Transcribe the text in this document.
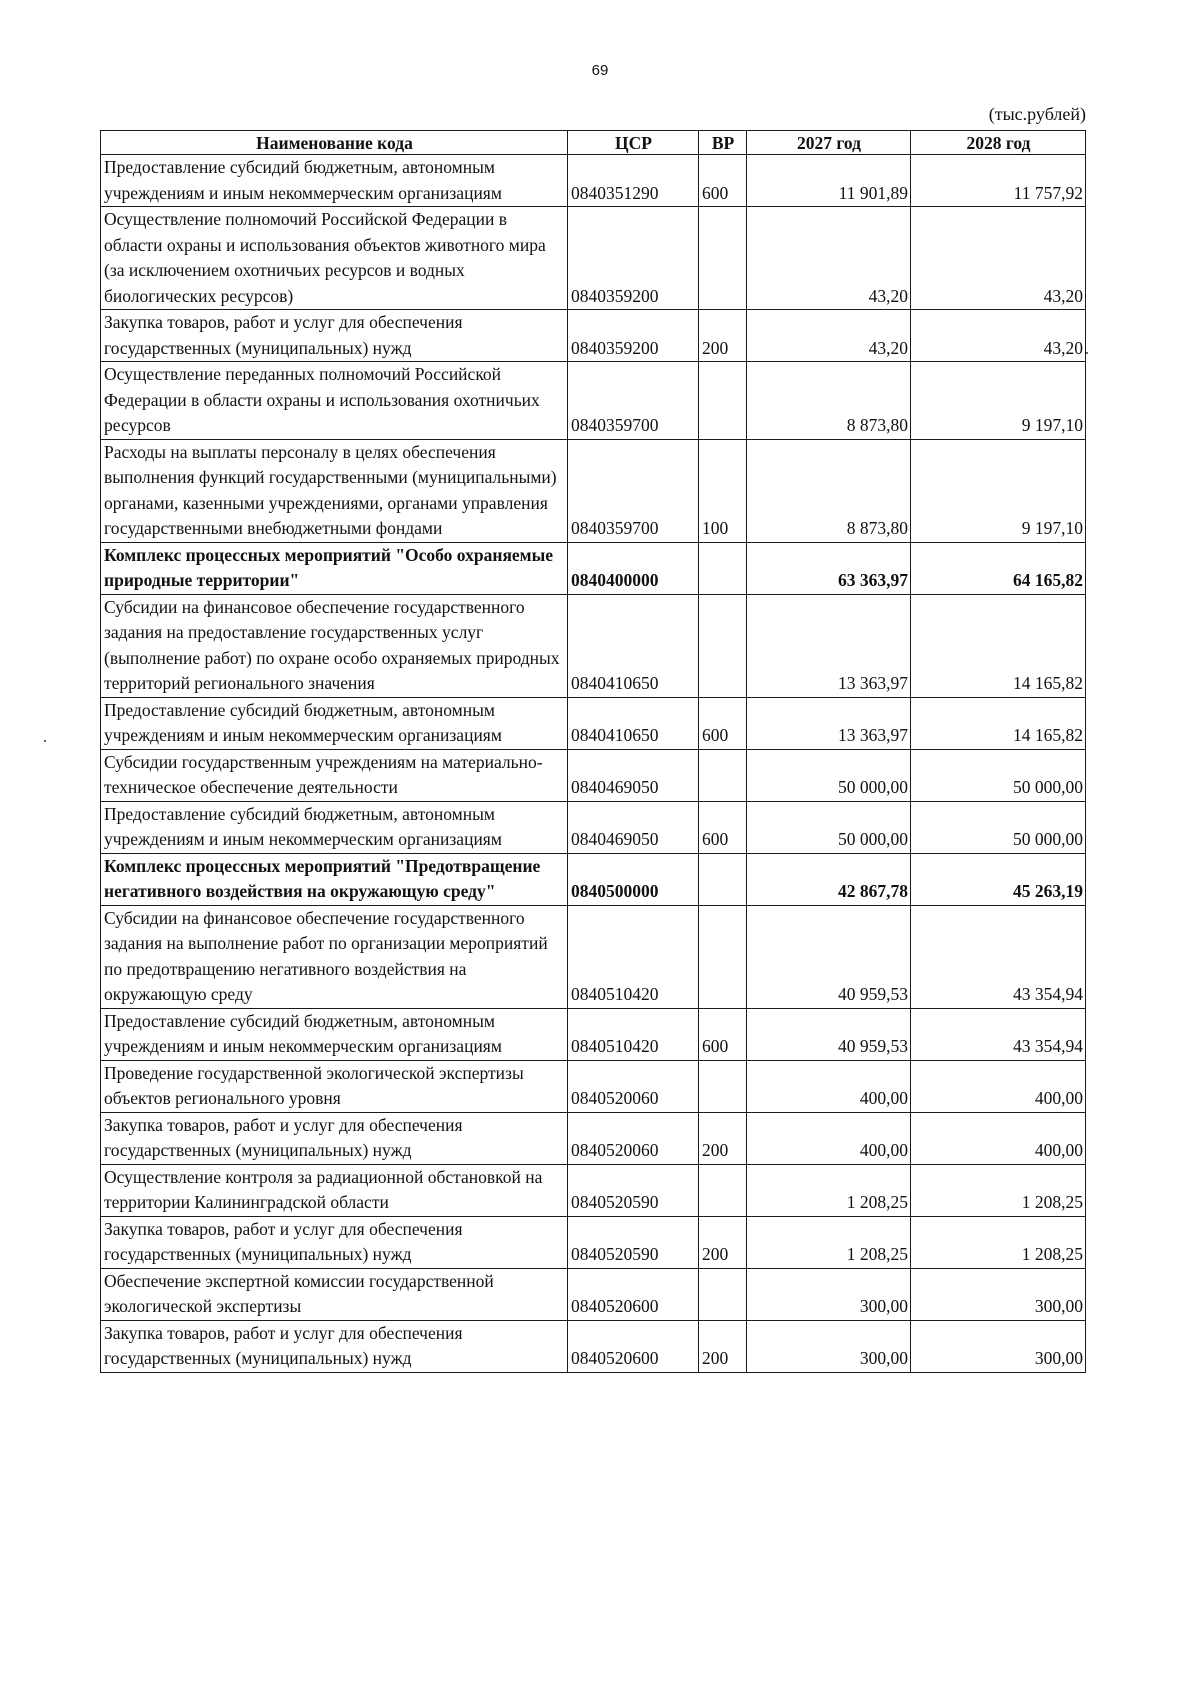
69
(тыс.рублей)
Наименование кода	ЦСР	ВР	2027 год	2028 год
Предоставление субсидий бюджетным, автономным учреждениям и иным некоммерческим организациям	0840351290	600	11 901,89	11 757,92
Осуществление полномочий Российской Федерации в области охраны и использования объектов животного мира (за исключением охотничьих ресурсов и водных биологических ресурсов)	0840359200		43,20	43,20
Закупка товаров, работ и услуг для обеспечения государственных (муниципальных) нужд	0840359200	200	43,20	43,20
Осуществление переданных полномочий Российской Федерации в области охраны и использования охотничьих ресурсов	0840359700		8 873,80	9 197,10
Расходы на выплаты персоналу в целях обеспечения выполнения функций государственными (муниципальными) органами, казенными учреждениями, органами управления государственными внебюджетными фондами	0840359700	100	8 873,80	9 197,10
Комплекс процессных мероприятий "Особо охраняемые природные территории"	0840400000		63 363,97	64 165,82
Субсидии на финансовое обеспечение государственного задания на предоставление государственных услуг (выполнение работ) по охране особо охраняемых природных территорий регионального значения	0840410650		13 363,97	14 165,82
Предоставление субсидий бюджетным, автономным учреждениям и иным некоммерческим организациям	0840410650	600	13 363,97	14 165,82
Субсидии государственным учреждениям на материально-техническое обеспечение деятельности	0840469050		50 000,00	50 000,00
Предоставление субсидий бюджетным, автономным учреждениям и иным некоммерческим организациям	0840469050	600	50 000,00	50 000,00
Комплекс процессных мероприятий "Предотвращение негативного воздействия на окружающую среду"	0840500000		42 867,78	45 263,19
Субсидии на финансовое обеспечение государственного задания на выполнение работ по организации мероприятий по предотвращению негативного воздействия на окружающую среду	0840510420		40 959,53	43 354,94
Предоставление субсидий бюджетным, автономным учреждениям и иным некоммерческим организациям	0840510420	600	40 959,53	43 354,94
Проведение государственной экологической экспертизы объектов регионального уровня	0840520060		400,00	400,00
Закупка товаров, работ и услуг для обеспечения государственных (муниципальных) нужд	0840520060	200	400,00	400,00
Осуществление контроля за радиационной обстановкой на территории Калининградской области	0840520590		1 208,25	1 208,25
Закупка товаров, работ и услуг для обеспечения государственных (муниципальных) нужд	0840520590	200	1 208,25	1 208,25
Обеспечение экспертной комиссии государственной экологической экспертизы	0840520600		300,00	300,00
Закупка товаров, работ и услуг для обеспечения государственных (муниципальных) нужд	0840520600	200	300,00	300,00
